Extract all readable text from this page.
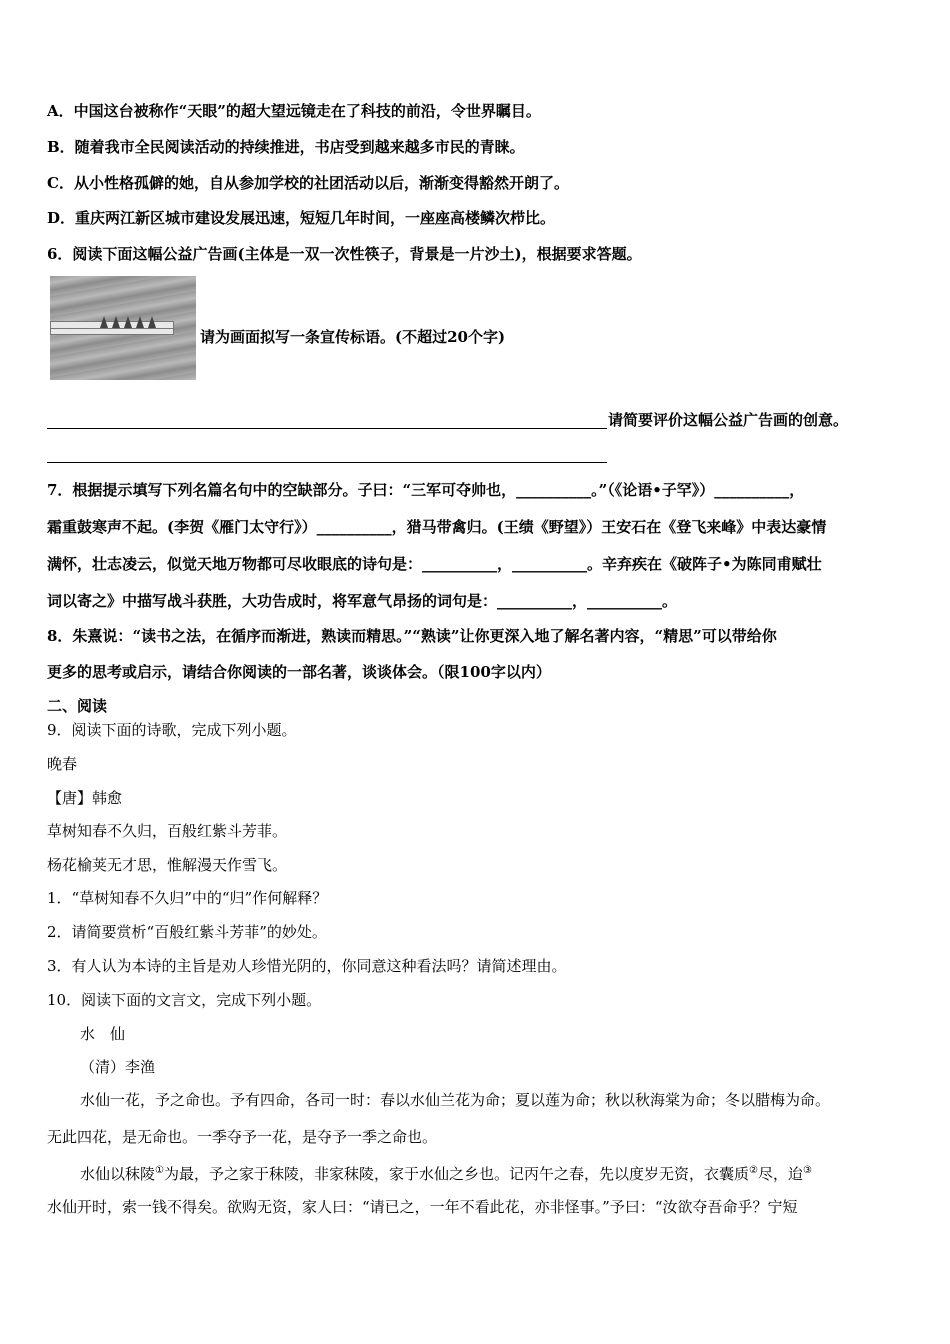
A．中国这台被称作“天眼”的超大望远镜走在了科技的前沿，令世界瞩目。
B．随着我市全民阅读活动的持续推进，书店受到越来越多市民的青睐。
C．从小性格孤僻的她，自从参加学校的社团活动以后，渐渐变得豁然开朗了。
D．重庆两江新区城市建设发展迅速，短短几年时间，一座座高楼鳞次栉比。
6．阅读下面这幅公益广告画(主体是一双一次性筷子，背景是一片沙土)，根据要求答题。
请为画面拟写一条宣传标语。(不超过20个字)
请简要评价这幅公益广告画的创意。
7．根据提示填写下列名篇名句中的空缺部分。子曰：“三军可夺帅也，__________。”（《论语•子罕》）__________，
霜重鼓寒声不起。(李贺《雁门太守行》）__________，猎马带禽归。(王绩《野望》）王安石在《登飞来峰》中表达豪情
满怀，壮志凌云，似觉天地万物都可尽收眼底的诗句是：__________，__________。辛弃疾在《破阵子•为陈同甫赋壮
词以寄之》中描写战斗获胜，大功告成时，将军意气昂扬的词句是：__________，__________。
8．朱熹说：“读书之法，在循序而渐进，熟读而精思。”“熟读”让你更深入地了解名著内容，“精思”可以带给你
更多的思考或启示，请结合你阅读的一部名著，谈谈体会。（限100字以内）
二、阅读
9．阅读下面的诗歌，完成下列小题。
晚春
【唐】韩愈
草树知春不久归，百般红紫斗芳菲。
杨花榆荚无才思，惟解漫天作雪飞。
1．“草树知春不久归”中的“归”作何解释？
2．请简要赏析“百般红紫斗芳菲”的妙处。
3．有人认为本诗的主旨是劝人珍惜光阴的，你同意这种看法吗？请简述理由。
10．阅读下面的文言文，完成下列小题。
水　仙
（清）李渔
水仙一花，予之命也。予有四命，各司一时：春以水仙兰花为命；夏以莲为命；秋以秋海棠为命；冬以腊梅为命。
无此四花，是无命也。一季夺予一花，是夺予一季之命也。
水仙以秣陵①为最，予之家于秣陵，非家秣陵，家于水仙之乡也。记丙午之春，先以度岁无资，衣囊质②尽，迨③
水仙开时，索一钱不得矣。欲购无资，家人曰：“请已之，一年不看此花，亦非怪事。”予曰：“汝欲夺吾命乎？宁短
